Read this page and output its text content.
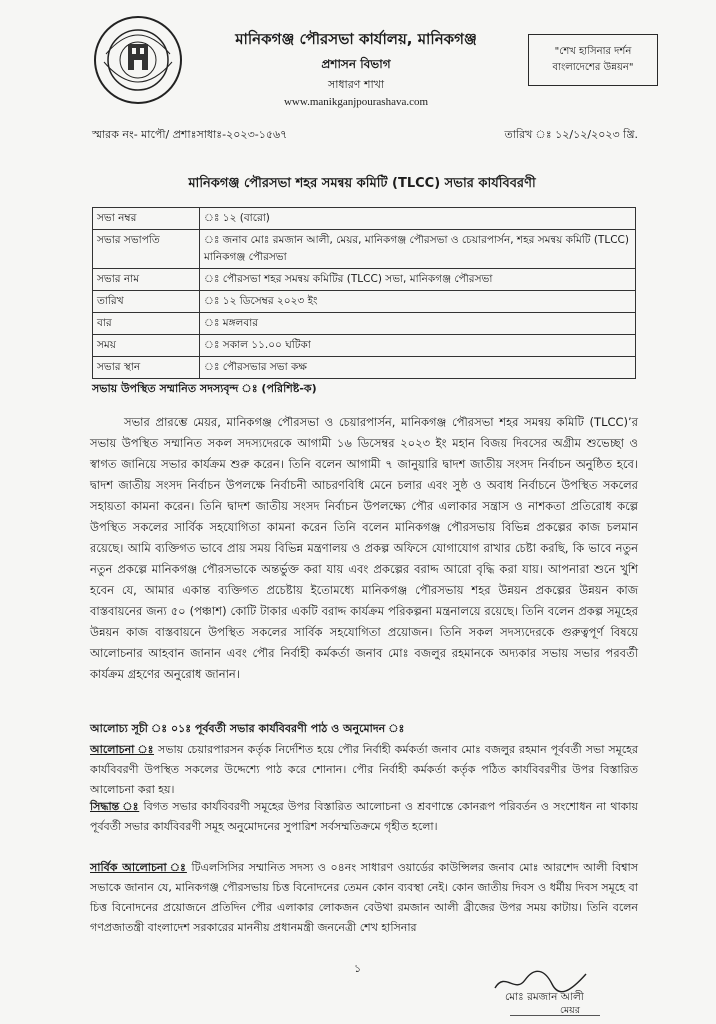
মানিকগঞ্জ পৌরসভা কার্যালয়, মানিকগঞ্জ
প্রশাসন বিভাগ
সাধারণ শাখা
www.manikganjpourashava.com
"শেখ হাসিনার দর্শন
বাংলাদেশের উন্নয়ন"
স্মারক নং- মাপৌ/ প্রশাঃসাধাঃ-২০২৩-১৫৬৭	তারিখ ঃ ১২/১২/২০২৩ খ্রি.
মানিকগঞ্জ পৌরসভা শহর সমন্বয় কমিটি (TLCC) সভার কার্যবিবরণী
সভা নম্বর	ঃ ১২ (বারো)
সভার সভাপতি	ঃ জনাব মোঃ রমজান আলী, মেয়র, মানিকগঞ্জ পৌরসভা ও চেয়ারপার্সন, শহর সমন্বয় কমিটি (TLCC) মানিকগঞ্জ পৌরসভা
সভার নাম	ঃ পৌরসভা শহর সমন্বয় কমিটির (TLCC) সভা, মানিকগঞ্জ পৌরসভা
তারিখ	ঃ ১২ ডিসেম্বর ২০২৩ ইং
বার	ঃ মঙ্গলবার
সময়	ঃ সকাল ১১.০০ ঘটিকা
সভার স্থান	ঃ পৌরসভার সভা কক্ষ
সভায় উপস্থিত সম্মানিত সদস্যবৃন্দ ঃ (পরিশিষ্ট-ক)
সভার প্রারম্ভে মেয়র, মানিকগঞ্জ পৌরসভা ও চেয়ারপার্সন, মানিকগঞ্জ পৌরসভা শহর সমন্বয় কমিটি (TLCC)’র সভায় উপস্থিত সম্মানিত সকল সদস্যদেরকে আগামী ১৬ ডিসেম্বর ২০২৩ ইং মহান বিজয় দিবসের অগ্রীম শুভেচ্ছা ও স্বাগত জানিয়ে সভার কার্যক্রম শুরু করেন। তিনি বলেন আগামী ৭ জানুয়ারি দ্বাদশ জাতীয় সংসদ নির্বাচন অনুষ্ঠিত হবে। দ্বাদশ জাতীয় সংসদ নির্বাচন উপলক্ষে নির্বাচনী আচরণবিধি মেনে চলার এবং সুষ্ঠ ও অবাধ নির্বাচনে উপস্থিত সকলের সহায়তা কামনা করেন। তিনি দ্বাদশ জাতীয় সংসদ নির্বাচন উপলক্ষ্যে পৌর এলাকার সন্ত্রাস ও নাশকতা প্রতিরোধ কল্পে উপস্থিত সকলের সার্বিক সহযোগিতা কামনা করেন তিনি বলেন মানিকগঞ্জ পৌরসভায় বিভিন্ন প্রকল্পের কাজ চলমান রয়েছে। আমি ব্যক্তিগত ভাবে প্রায় সময় বিভিন্ন মন্ত্রণালয় ও প্রকল্প অফিসে যোগাযোগ রাখার চেষ্টা করছি, কি ভাবে নতুন নতুন প্রকল্পে মানিকগঞ্জ পৌরসভাকে অন্তর্ভুক্ত করা যায় এবং প্রকল্পের বরাদ্দ আরো বৃদ্ধি করা যায়। আপনারা শুনে খুশি হবেন যে, আমার একান্ত ব্যক্তিগত প্রচেষ্টায় ইতোমধ্যে মানিকগঞ্জ পৌরসভায় শহর উন্নয়ন প্রকল্পের উন্নয়ন কাজ বাস্তবায়নের জন্য ৫০ (পঞ্চাশ) কোটি টাকার একটি বরাদ্দ কার্যক্রম পরিকল্পনা মন্ত্রনালয়ে রয়েছে। তিনি বলেন প্রকল্প সমূহের উন্নয়ন কাজ বাস্তবায়নে উপস্থিত সকলের সার্বিক সহযোগিতা প্রয়োজন। তিনি সকল সদস্যদেরকে গুরুত্বপূর্ণ বিষয়ে আলোচনার আহবান জানান এবং পৌর নির্বাহী কর্মকর্তা জনাব মোঃ বজলুর রহমানকে অদ্যকার সভায় সভার পরবর্তী কার্যক্রম গ্রহণের অনুরোধ জানান।
আলোচ্য সূচী ঃ ০১ঃ পূর্ববর্তী সভার কার্যবিবরণী পাঠ ও অনুমোদন ঃ
আলোচনা ঃ সভায় চেয়ারপারসন কর্তৃক নির্দেশিত হয়ে পৌর নির্বাহী কর্মকর্তা জনাব মোঃ বজলুর রহমান পূর্ববর্তী সভা সমূহের কার্যবিবরণী উপস্থিত সকলের উদ্দেশ্যে পাঠ করে শোনান। পৌর নির্বাহী কর্মকর্তা কর্তৃক পঠিত কার্যবিবরণীর উপর বিস্তারিত আলোচনা করা হয়।
সিদ্ধান্ত ঃ বিগত সভার কার্যবিবরণী সমূহের উপর বিস্তারিত আলোচনা ও শ্রবণান্তে কোনরূপ পরিবর্তন ও সংশোধন না থাকায় পূর্ববর্তী সভার কার্যবিবরণী সমূহ অনুমোদনের সুপারিশ সর্বসম্মতিক্রমে গৃহীত হলো।
সার্বিক আলোচনা ঃ টিএলসিসির সম্মানিত সদস্য ও ০৪নং সাধারণ ওয়ার্ডের কাউন্সিলর জনাব মোঃ আরশেদ আলী বিশ্বাস সভাকে জানান যে, মানিকগঞ্জ পৌরসভায় চিত্ত বিনোদনের তেমন কোন ব্যবস্থা নেই। কোন জাতীয় দিবস ও ধর্মীয় দিবস সমূহে বা চিত্ত বিনোদনের প্রয়োজনে প্রতিদিন পৌর এলাকার লোকজন বেউথা রমজান আলী ব্রীজের উপর সময় কাটায়। তিনি বলেন গণপ্রজাতন্ত্রী বাংলাদেশ সরকারের মাননীয় প্রধানমন্ত্রী জননেত্রী শেখ হাসিনার
১
মোঃ রমজান আলী
মেয়র
